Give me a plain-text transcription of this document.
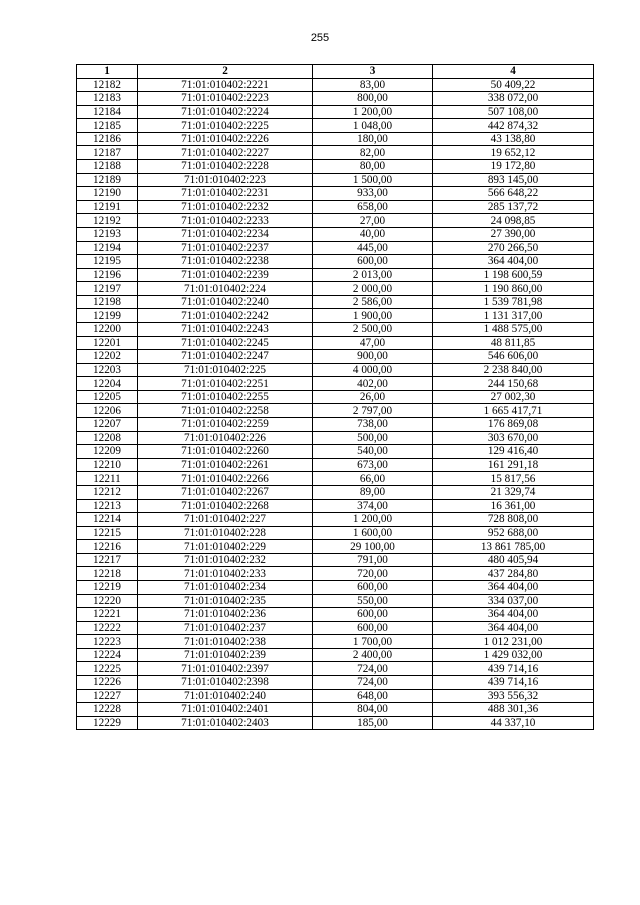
255
1	2	3	4
12182	71:01:010402:2221	83,00	50 409,22
12183	71:01:010402:2223	800,00	338 072,00
12184	71:01:010402:2224	1 200,00	507 108,00
12185	71:01:010402:2225	1 048,00	442 874,32
12186	71:01:010402:2226	180,00	43 138,80
12187	71:01:010402:2227	82,00	19 652,12
12188	71:01:010402:2228	80,00	19 172,80
12189	71:01:010402:223	1 500,00	893 145,00
12190	71:01:010402:2231	933,00	566 648,22
12191	71:01:010402:2232	658,00	285 137,72
12192	71:01:010402:2233	27,00	24 098,85
12193	71:01:010402:2234	40,00	27 390,00
12194	71:01:010402:2237	445,00	270 266,50
12195	71:01:010402:2238	600,00	364 404,00
12196	71:01:010402:2239	2 013,00	1 198 600,59
12197	71:01:010402:224	2 000,00	1 190 860,00
12198	71:01:010402:2240	2 586,00	1 539 781,98
12199	71:01:010402:2242	1 900,00	1 131 317,00
12200	71:01:010402:2243	2 500,00	1 488 575,00
12201	71:01:010402:2245	47,00	48 811,85
12202	71:01:010402:2247	900,00	546 606,00
12203	71:01:010402:225	4 000,00	2 238 840,00
12204	71:01:010402:2251	402,00	244 150,68
12205	71:01:010402:2255	26,00	27 002,30
12206	71:01:010402:2258	2 797,00	1 665 417,71
12207	71:01:010402:2259	738,00	176 869,08
12208	71:01:010402:226	500,00	303 670,00
12209	71:01:010402:2260	540,00	129 416,40
12210	71:01:010402:2261	673,00	161 291,18
12211	71:01:010402:2266	66,00	15 817,56
12212	71:01:010402:2267	89,00	21 329,74
12213	71:01:010402:2268	374,00	16 361,00
12214	71:01:010402:227	1 200,00	728 808,00
12215	71:01:010402:228	1 600,00	952 688,00
12216	71:01:010402:229	29 100,00	13 861 785,00
12217	71:01:010402:232	791,00	480 405,94
12218	71:01:010402:233	720,00	437 284,80
12219	71:01:010402:234	600,00	364 404,00
12220	71:01:010402:235	550,00	334 037,00
12221	71:01:010402:236	600,00	364 404,00
12222	71:01:010402:237	600,00	364 404,00
12223	71:01:010402:238	1 700,00	1 012 231,00
12224	71:01:010402:239	2 400,00	1 429 032,00
12225	71:01:010402:2397	724,00	439 714,16
12226	71:01:010402:2398	724,00	439 714,16
12227	71:01:010402:240	648,00	393 556,32
12228	71:01:010402:2401	804,00	488 301,36
12229	71:01:010402:2403	185,00	44 337,10
